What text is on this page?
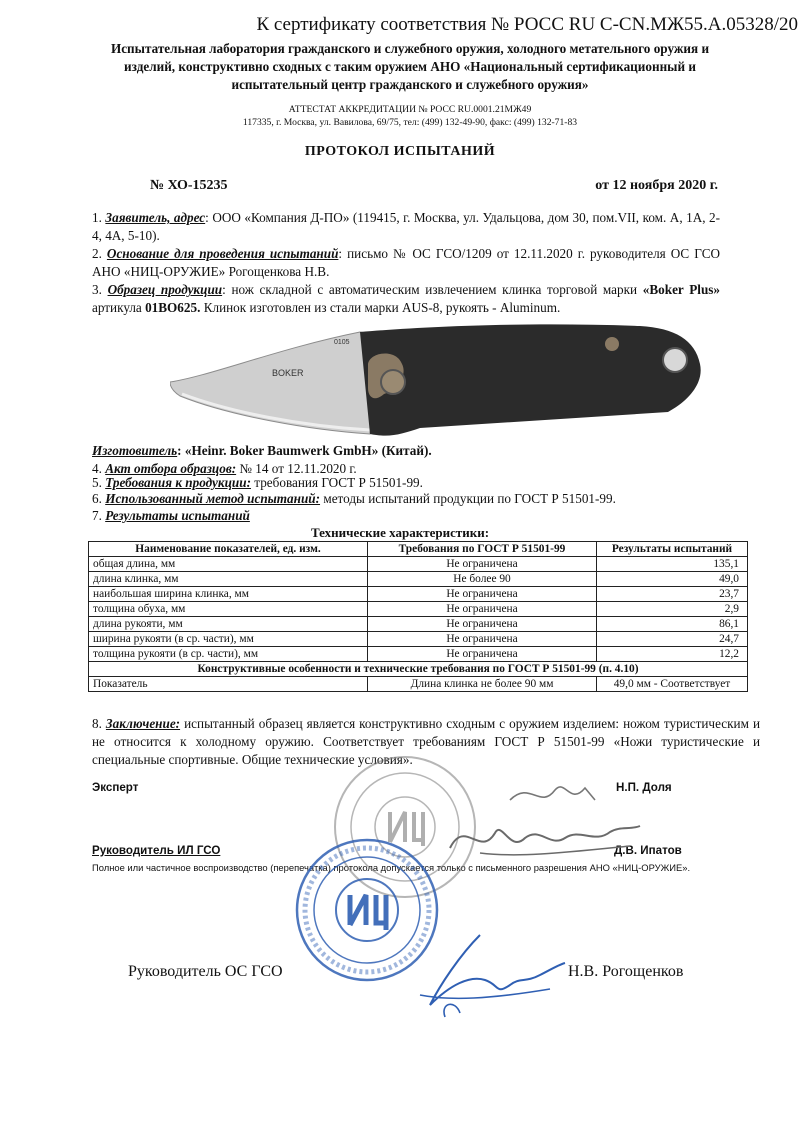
К сертификату соответствия № РОСС RU С-CN.МЖ55.А.05328/20
Испытательная лаборатория гражданского и служебного оружия, холодного метательного оружия и
изделий, конструктивно сходных с таким оружием АНО «Национальный сертификационный и
испытательный центр гражданского и служебного оружия»
АТТЕСТАТ АККРЕДИТАЦИИ № РОСС RU.0001.21МЖ49
117335, г. Москва, ул. Вавилова, 69/75, тел: (499) 132-49-90, факс: (499) 132-71-83
ПРОТОКОЛ ИСПЫТАНИЙ
№ ХО-15235	от 12 ноября 2020 г.
1. Заявитель, адрес: ООО «Компания Д-ПО» (119415, г. Москва, ул. Удальцова, дом 30, пом.VII, ком. А, 1А, 2-4, 4А, 5-10).
2. Основание для проведения испытаний: письмо № ОС ГСО/1209 от 12.11.2020 г. руководителя ОС ГСО АНО «НИЦ-ОРУЖИЕ» Рогощенкова Н.В.
3. Образец продукции: нож складной с автоматическим извлечением клинка торговой марки «Boker Plus» артикула 01BO625. Клинок изготовлен из стали марки AUS-8, рукоять - Aluminum.
BOKER
0105
Изготовитель: «Heinr. Boker Baumwerk GmbH» (Китай).
4. Акт отбора образцов: № 14 от 12.11.2020 г.
5. Требования к продукции: требования ГОСТ Р 51501-99.
6. Использованный метод испытаний: методы испытаний продукции по ГОСТ Р 51501-99.
7. Результаты испытаний
Технические характеристики:
Наименование показателей, ед. изм.	Требования по ГОСТ Р 51501-99	Результаты испытаний
общая длина, мм	Не ограничена	135,1
длина клинка, мм	Не более 90	49,0
наибольшая ширина клинка, мм	Не ограничена	23,7
толщина обуха, мм	Не ограничена	2,9
длина рукояти, мм	Не ограничена	86,1
ширина рукояти (в ср. части), мм	Не ограничена	24,7
толщина рукояти (в ср. части), мм	Не ограничена	12,2
Конструктивные особенности и технические требования по ГОСТ Р 51501-99 (п. 4.10)		
Показатель	Длина клинка не более 90 мм	49,0 мм - Соответствует
8. Заключение: испытанный образец является конструктивно сходным с оружием изделием: ножом туристическим и не относится к холодному оружию. Соответствует требованиям ГОСТ Р 51501-99 «Ножи туристические и специальные спортивные. Общие технические условия».
Эксперт	Н.П. Доля
Руководитель ИЛ ГСО	Д.В. Ипатов
Полное или частичное воспроизводство (перепечатка) протокола допускается только с письменного разрешения АНО «НИЦ-ОРУЖИЕ».
Руководитель ОС ГСО	Н.В. Рогощенков
